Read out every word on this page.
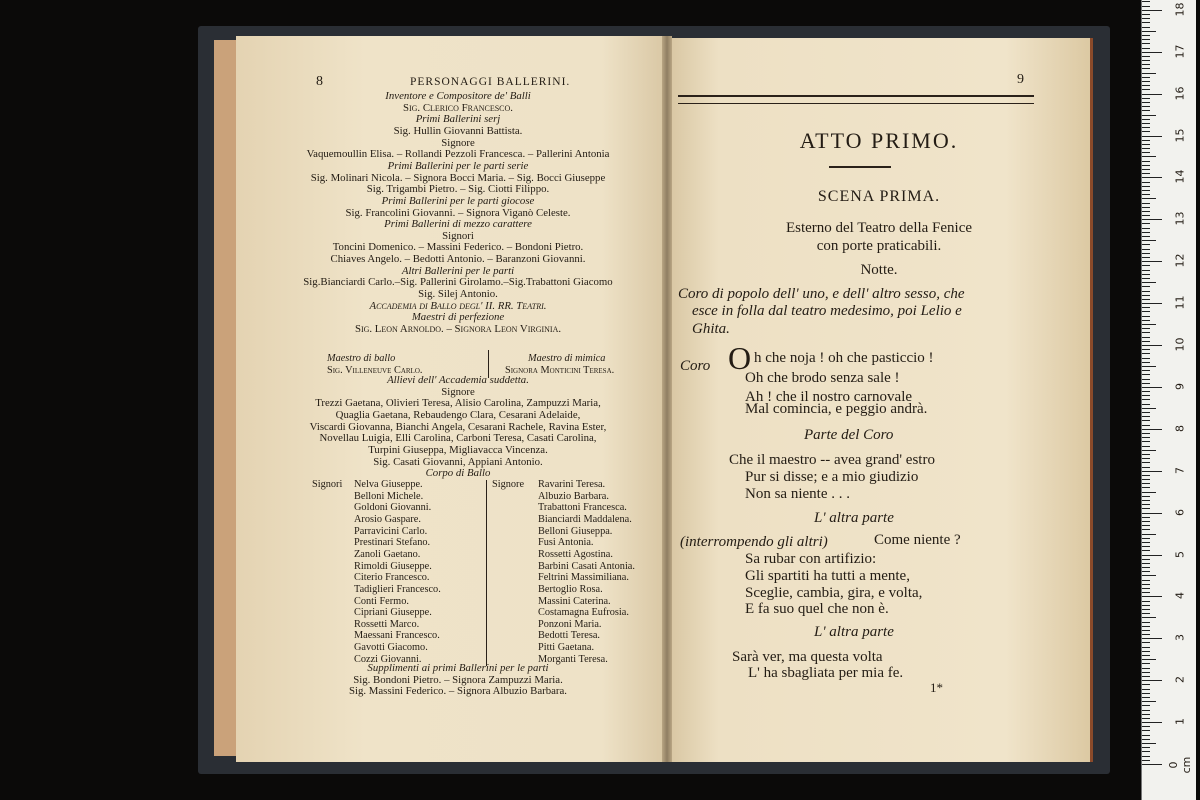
8	PERSONAGGI BALLERINI.
Inventore e Compositore de' Balli
Sig. Clerico Francesco.
Primi Ballerini serj
Sig. Hullin Giovanni Battista.
Signore
Vaquemoullin Elisa. – Rollandi Pezzoli Francesca. – Pallerini Antonia
Primi Ballerini per le parti serie
Sig. Molinari Nicola. – Signora Bocci Maria. – Sig. Bocci Giuseppe
Sig. Trigambi Pietro. – Sig. Ciotti Filippo.
Primi Ballerini per le parti giocose
Sig. Francolini Giovanni. – Signora Viganò Celeste.
Primi Ballerini di mezzo carattere
Signori
Toncini Domenico. – Massini Federico. – Bondoni Pietro.
Chiaves Angelo. – Bedotti Antonio. – Baranzoni Giovanni.
Altri Ballerini per le parti
Sig.Bianciardi Carlo.–Sig. Pallerini Girolamo.–Sig.Trabattoni Giacomo
Sig. Silej Antonio.
Accademia di Ballo degl' II. RR. Teatri.
Maestri di perfezione
Sig. Leon Arnoldo. – Signora Leon Virginia.
Maestro di ballo
Sig. Villeneuve Carlo.
Maestro di mimica
Signora Monticini Teresa.
Allievi dell' Accademia suddetta.
Signore
Trezzi Gaetana, Olivieri Teresa, Alisio Carolina, Zampuzzi Maria,
Quaglia Gaetana, Rebaudengo Clara, Cesarani Adelaide,
Viscardi Giovanna, Bianchi Angela, Cesarani Rachele, Ravina Ester,
Novellau Luigia, Elli Carolina, Carboni Teresa, Casati Carolina,
Turpini Giuseppa, Migliavacca Vincenza.
Sig. Casati Giovanni, Appiani Antonio.
Corpo di Ballo
Signori Nelva Giuseppe.
Belloni Michele.
Goldoni Giovanni.
Arosio Gaspare.
Parravicini Carlo.
Prestinari Stefano.
Zanoli Gaetano.
Rimoldi Giuseppe.
Citerio Francesco.
Tadiglieri Francesco.
Conti Fermo.
Cipriani Giuseppe.
Rossetti Marco.
Maessani Francesco.
Gavotti Giacomo.
Cozzi Giovanni.
Signore Ravarini Teresa.
Albuzio Barbara.
Trabattoni Francesca.
Bianciardi Maddalena.
Belloni Giuseppa.
Fusi Antonia.
Rossetti Agostina.
Barbini Casati Antonia.
Feltrini Massimiliana.
Bertoglio Rosa.
Massini Caterina.
Costamagna Eufrosia.
Ponzoni Maria.
Bedotti Teresa.
Pitti Gaetana.
Morganti Teresa.
Supplimenti ai primi Ballerini per le parti
Sig. Bondoni Pietro. – Signora Zampuzzi Maria.
Sig. Massini Federico. – Signora Albuzio Barbara.
9
ATTO PRIMO.
SCENA PRIMA.
Esterno del Teatro della Fenice
con porte praticabili.
Notte.
Coro di popolo dell' uno, e dell' altro sesso, che
esce in folla dal teatro medesimo, poi Lelio e
Ghita.
Coro O h che noja ! oh che pasticcio !
Oh che brodo senza sale !
Ah ! che il nostro carnovale
Mal comincia, e peggio andrà.
Parte del Coro
Che il maestro -- avea grand' estro
Pur si disse; e a mio giudizio
Non sa niente . . .
L' altra parte
(interrompendo gli altri)	Come niente ?
Sa rubar con artifizio:
Gli spartiti ha tutti a mente,
Sceglie, cambia, gira, e volta,
E fa suo quel che non è.
L' altra parte
Sarà ver, ma questa volta
L' ha sbagliata per mia fe.
1*
0 cm
1
2
3
4
5
6
7
8
9
10
11
12
13
14
15
16
17
18
